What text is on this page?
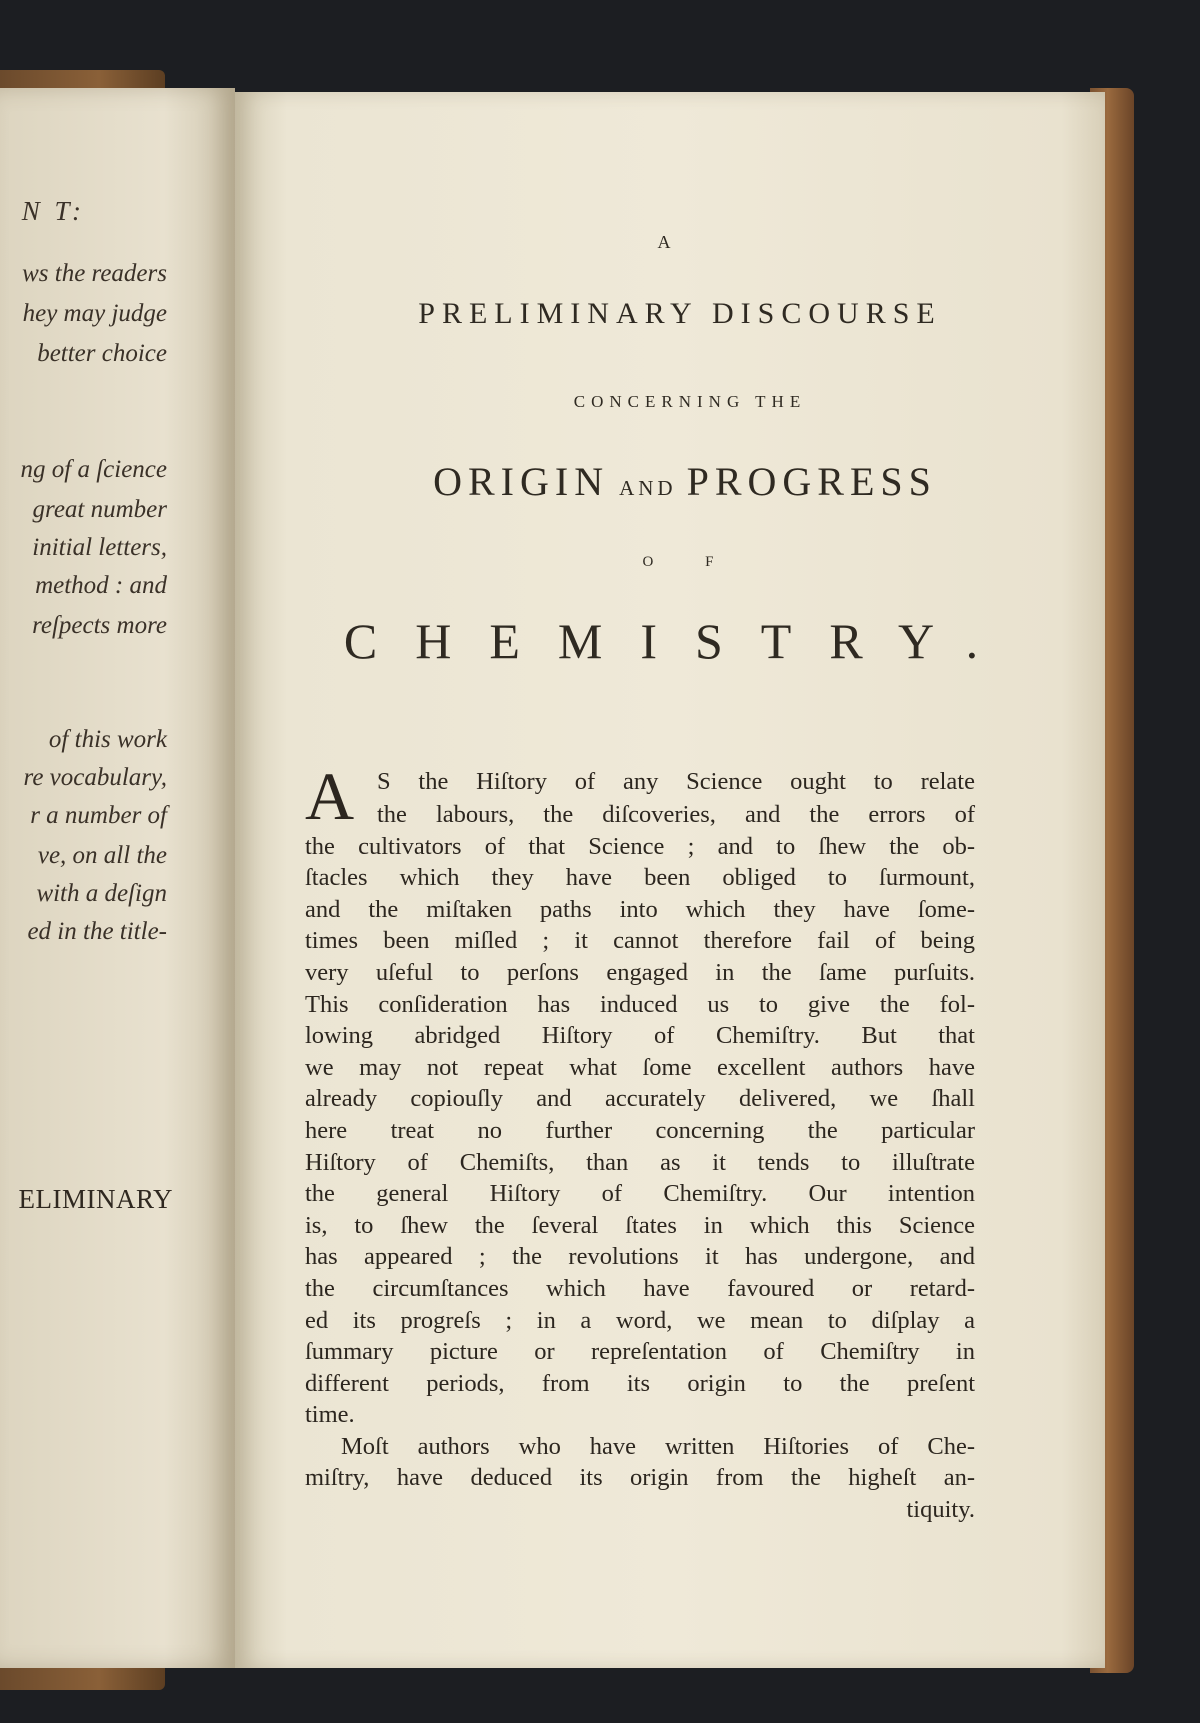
N T:
ws the readers
hey may judge
better choice
ng of a ſcience
great number
initial letters,
method : and
reſpects more
of this work
re vocabulary,
r a number of
ve, on all the
with a deſign
ed in the title-
ELIMINARY
A
PRELIMINARY DISCOURSE
CONCERNING THE
ORIGIN AND PROGRESS
O F
CHEMISTRY.
A S the Hiſtory of any Science ought to relate
the labours, the diſcoveries, and the errors of
the cultivators of that Science ; and to ſhew the ob-
ſtacles which they have been obliged to ſurmount,
and the miſtaken paths into which they have ſome-
times been miſled ; it cannot therefore fail of being
very uſeful to perſons engaged in the ſame purſuits.
This conſideration has induced us to give the fol-
lowing abridged Hiſtory of Chemiſtry. But that
we may not repeat what ſome excellent authors have
already copiouſly and accurately delivered, we ſhall
here treat no further concerning the particular
Hiſtory of Chemiſts, than as it tends to illuſtrate
the general Hiſtory of Chemiſtry. Our intention
is, to ſhew the ſeveral ſtates in which this Science
has appeared ; the revolutions it has undergone, and
the circumſtances which have favoured or retard-
ed its progreſs ; in a word, we mean to diſplay a
ſummary picture or repreſentation of Chemiſtry in
different periods, from its origin to the preſent
time.
Moſt authors who have written Hiſtories of Che-
miſtry, have deduced its origin from the higheſt an-
tiquity.
